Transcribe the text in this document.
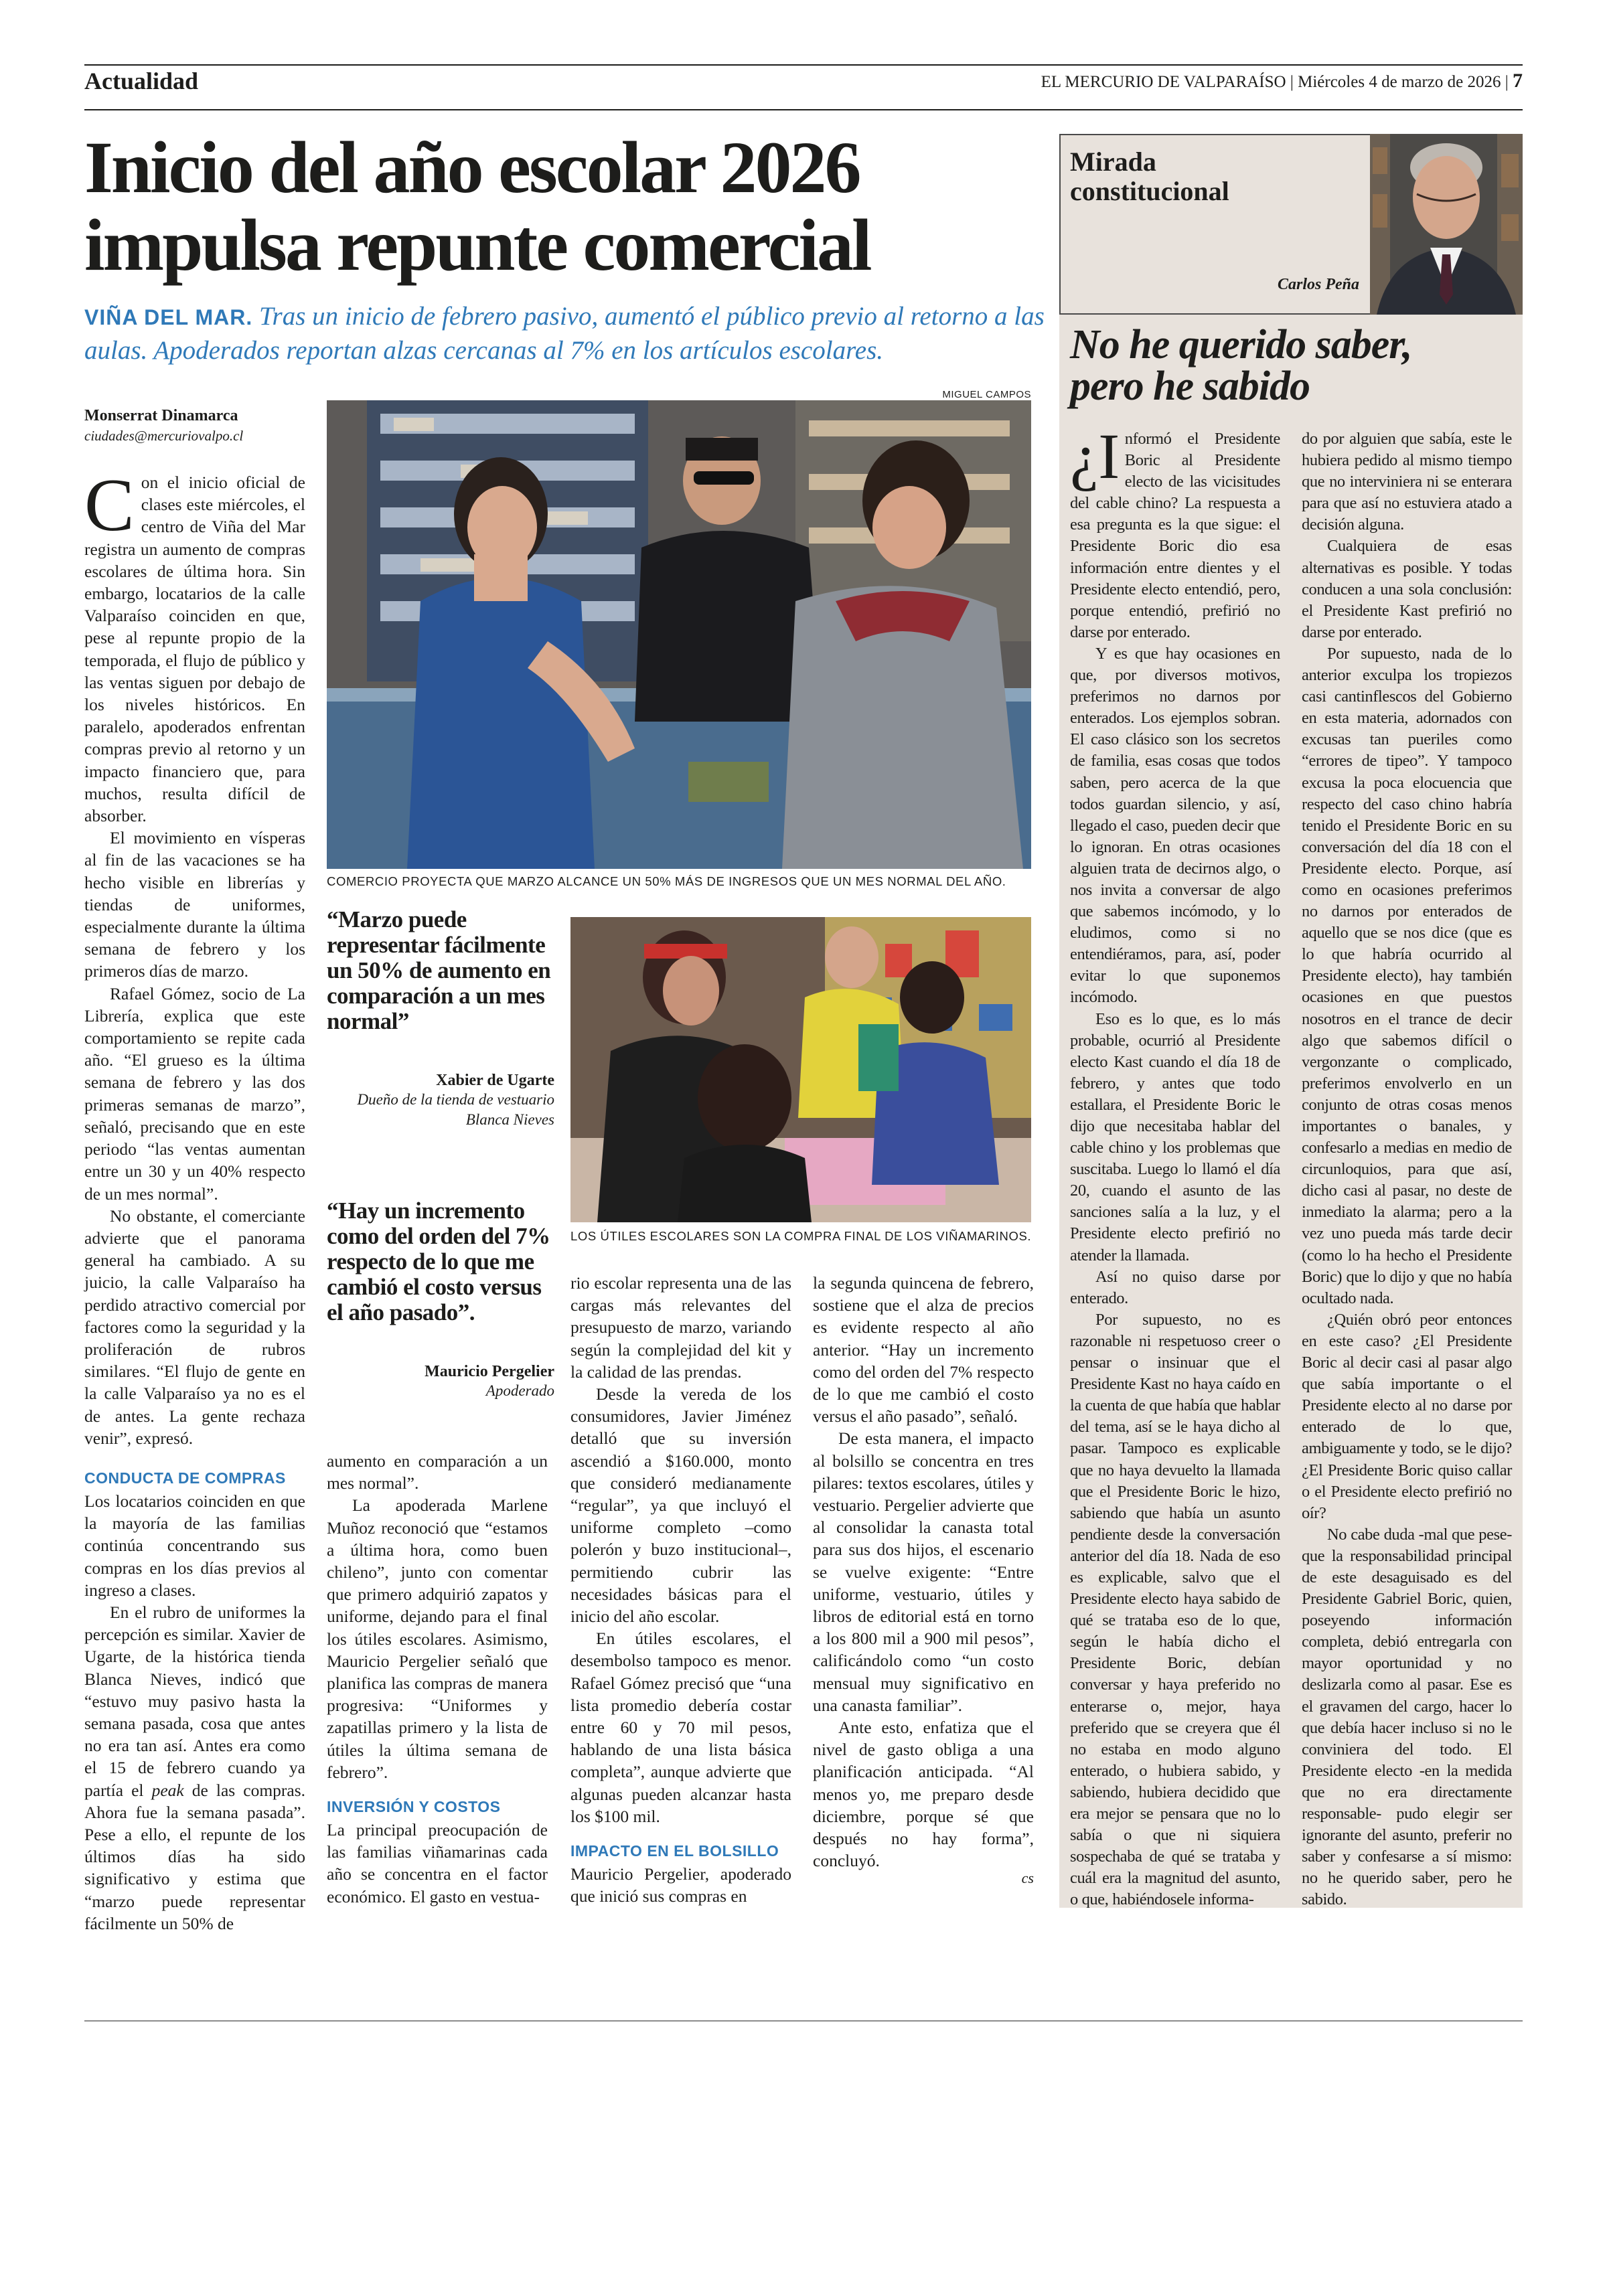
Actualidad	EL MERCURIO DE VALPARAÍSO | Miércoles 4 de marzo de 2026 | 7
Inicio del año escolar 2026
impulsa repunte comercial
VIÑA DEL MAR. Tras un inicio de febrero pasivo, aumentó el público previo al retorno a las aulas. Apoderados reportan alzas cercanas al 7% en los artículos escolares.
Monserrat Dinamarca
ciudades@mercuriovalpo.cl

Con el inicio oficial de clases este miércoles, el centro de Viña del Mar registra un aumento de compras escolares de última hora. Sin embargo, locatarios de la calle Valparaíso coinciden en que, pese al repunte propio de la temporada, el flujo de público y las ventas siguen por debajo de los niveles históricos. En paralelo, apoderados enfrentan compras previo al retorno y un impacto financiero que, para muchos, resulta difícil de absorber.

El movimiento en vísperas al fin de las vacaciones se ha hecho visible en librerías y tiendas de uniformes, especialmente durante la última semana de febrero y los primeros días de marzo.

Rafael Gómez, socio de La Librería, explica que este comportamiento se repite cada año. “El grueso es la última semana de febrero y las dos primeras semanas de marzo”, señaló, precisando que en este periodo “las ventas aumentan entre un 30 y un 40% respecto de un mes normal”.

No obstante, el comerciante advierte que el panorama general ha cambiado. A su juicio, la calle Valparaíso ha perdido atractivo comercial por factores como la seguridad y la proliferación de rubros similares. “El flujo de gente en la calle Valparaíso ya no es el de antes. La gente rechaza venir”, expresó.

CONDUCTA DE COMPRAS

Los locatarios coinciden en que la mayoría de las familias continúa concentrando sus compras en los días previos al ingreso a clases.

En el rubro de uniformes la percepción es similar. Xavier de Ugarte, de la histórica tienda Blanca Nieves, indicó que “estuvo muy pasivo hasta la semana pasada, cosa que antes no era tan así. Antes era como el 15 de febrero cuando ya partía el peak de las compras. Ahora fue la semana pasada”. Pese a ello, el repunte de los últimos días ha sido significativo y estima que “marzo puede representar fácilmente un 50% de

MIGUEL CAMPOS
COMERCIO PROYECTA QUE MARZO ALCANCE UN 50% MÁS DE INGRESOS QUE UN MES NORMAL DEL AÑO.
“Marzo puede representar fácilmente un 50% de aumento en comparación a un mes normal”
Xabier de Ugarte
Dueño de la tienda de vestuario Blanca Nieves
LOS ÚTILES ESCOLARES SON LA COMPRA FINAL DE LOS VIÑAMARINOS.
“Hay un incremento como del orden del 7% respecto de lo que me cambió el costo versus el año pasado”.
Mauricio Pergelier
Apoderado

aumento en comparación a un mes normal”.

La apoderada Marlene Muñoz reconoció que “estamos a última hora, como buen chileno”, junto con comentar que primero adquirió zapatos y uniforme, dejando para el final los útiles escolares. Asimismo, Mauricio Pergelier señaló que planifica las compras de manera progresiva: “Uniformes y zapatillas primero y la lista de útiles la última semana de febrero”.

INVERSIÓN Y COSTOS

La principal preocupación de las familias viñamarinas cada año se concentra en el factor económico. El gasto en vestua-

rio escolar representa una de las cargas más relevantes del presupuesto de marzo, variando según la complejidad del kit y la calidad de las prendas.

Desde la vereda de los consumidores, Javier Jiménez detalló que su inversión ascendió a $160.000, monto que consideró medianamente “regular”, ya que incluyó el uniforme completo –como polerón y buzo institucional–, permitiendo cubrir las necesidades básicas para el inicio del año escolar.

En útiles escolares, el desembolso tampoco es menor. Rafael Gómez precisó que “una lista promedio debería costar entre 60 y 70 mil pesos, hablando de una lista básica completa”, aunque advierte que algunas pueden alcanzar hasta los $100 mil.

IMPACTO EN EL BOLSILLO

Mauricio Pergelier, apoderado que inició sus compras en

la segunda quincena de febrero, sostiene que el alza de precios es evidente respecto al año anterior. “Hay un incremento como del orden del 7% respecto de lo que me cambió el costo versus el año pasado”, señaló.

De esta manera, el impacto al bolsillo se concentra en tres pilares: textos escolares, útiles y vestuario. Pergelier advierte que al consolidar la canasta total para sus dos hijos, el escenario se vuelve exigente: “Entre uniforme, vestuario, útiles y libros de editorial está en torno a los 800 mil a 900 mil pesos”, calificándolo como “un costo mensual muy significativo en una canasta familiar”.

Ante esto, enfatiza que el nivel de gasto obliga a una planificación anticipada. “Al menos yo, me preparo desde diciembre, porque sé que después no hay forma”, concluyó.

cs
Mirada
constitucional
Carlos Peña
No he querido saber,
pero he sabido

¿I nformó el Presidente Boric al Presidente electo de las vicisitudes del cable chino? La respuesta a esa pregunta es la que sigue: el Presidente Boric dio esa información entre dientes y el Presidente electo entendió, pero, porque entendió, prefirió no darse por enterado.

Y es que hay ocasiones en que, por diversos motivos, preferimos no darnos por enterados. Los ejemplos sobran. El caso clásico son los secretos de familia, esas cosas que todos saben, pero acerca de la que todos guardan silencio, y así, llegado el caso, pueden decir que lo ignoran. En otras ocasiones alguien trata de decirnos algo, o nos invita a conversar de algo que sabemos incómodo, y lo eludimos, como si no entendiéramos, para, así, poder evitar lo que suponemos incómodo.

Eso es lo que, es lo más probable, ocurrió al Presidente electo Kast cuando el día 18 de febrero, y antes que todo estallara, el Presidente Boric le dijo que necesitaba hablar del cable chino y los problemas que suscitaba. Luego lo llamó el día 20, cuando el asunto de las sanciones salía a la luz, y el Presidente electo prefirió no atender la llamada.

Así no quiso darse por enterado.

Por supuesto, no es razonable ni respetuoso creer o pensar o insinuar que el Presidente Kast no haya caído en la cuenta de que había que hablar del tema, así se le haya dicho al pasar. Tampoco es explicable que no haya devuelto la llamada que el Presidente Boric le hizo, sabiendo que había un asunto pendiente desde la conversación anterior del día 18. Nada de eso es explicable, salvo que el Presidente electo haya sabido de qué se trataba eso de lo que, según le había dicho el Presidente Boric, debían conversar y haya preferido no enterarse o, mejor, haya preferido que se creyera que él no estaba en modo alguno enterado, o hubiera sabido, y sabiendo, hubiera decidido que era mejor se pensara que no lo sabía o que ni siquiera sospechaba de qué se trataba y cuál era la magnitud del asunto, o que, habiéndosele informa-

do por alguien que sabía, este le hubiera pedido al mismo tiempo que no interviniera ni se enterara para que así no estuviera atado a decisión alguna.

Cualquiera de esas alternativas es posible. Y todas conducen a una sola conclusión: el Presidente Kast prefirió no darse por enterado.

Por supuesto, nada de lo anterior exculpa los tropiezos casi cantinflescos del Gobierno en esta materia, adornados con excusas tan pueriles como “errores de tipeo”. Y tampoco excusa la poca elocuencia que respecto del caso chino habría tenido el Presidente Boric en su conversación del día 18 con el Presidente electo. Porque, así como en ocasiones preferimos no darnos por enterados de aquello que se nos dice (que es lo que habría ocurrido al Presidente electo), hay también ocasiones en que puestos nosotros en el trance de decir algo que sabemos difícil o vergonzante o complicado, preferimos envolverlo en un conjunto de otras cosas menos importantes o banales, y confesarlo a medias en medio de circunloquios, para que así, dicho casi al pasar, no deste de inmediato la alarma; pero a la vez uno pueda más tarde decir (como lo ha hecho el Presidente Boric) que lo dijo y que no había ocultado nada.

¿Quién obró peor entonces en este caso? ¿El Presidente Boric al decir casi al pasar algo que sabía importante o el Presidente electo al no darse por enterado de lo que, ambiguamente y todo, se le dijo? ¿El Presidente Boric quiso callar o el Presidente electo prefirió no oír?

No cabe duda -mal que pese- que la responsabilidad principal de este desaguisado es del Presidente Gabriel Boric, quien, poseyendo información completa, debió entregarla con mayor oportunidad y no deslizarla como al pasar. Ese es el gravamen del cargo, hacer lo que debía hacer incluso si no le conviniera del todo. El Presidente electo -en la medida que no era directamente responsable- pudo elegir ser ignorante del asunto, preferir no saber y confesarse a sí mismo: no he querido saber, pero he sabido.
